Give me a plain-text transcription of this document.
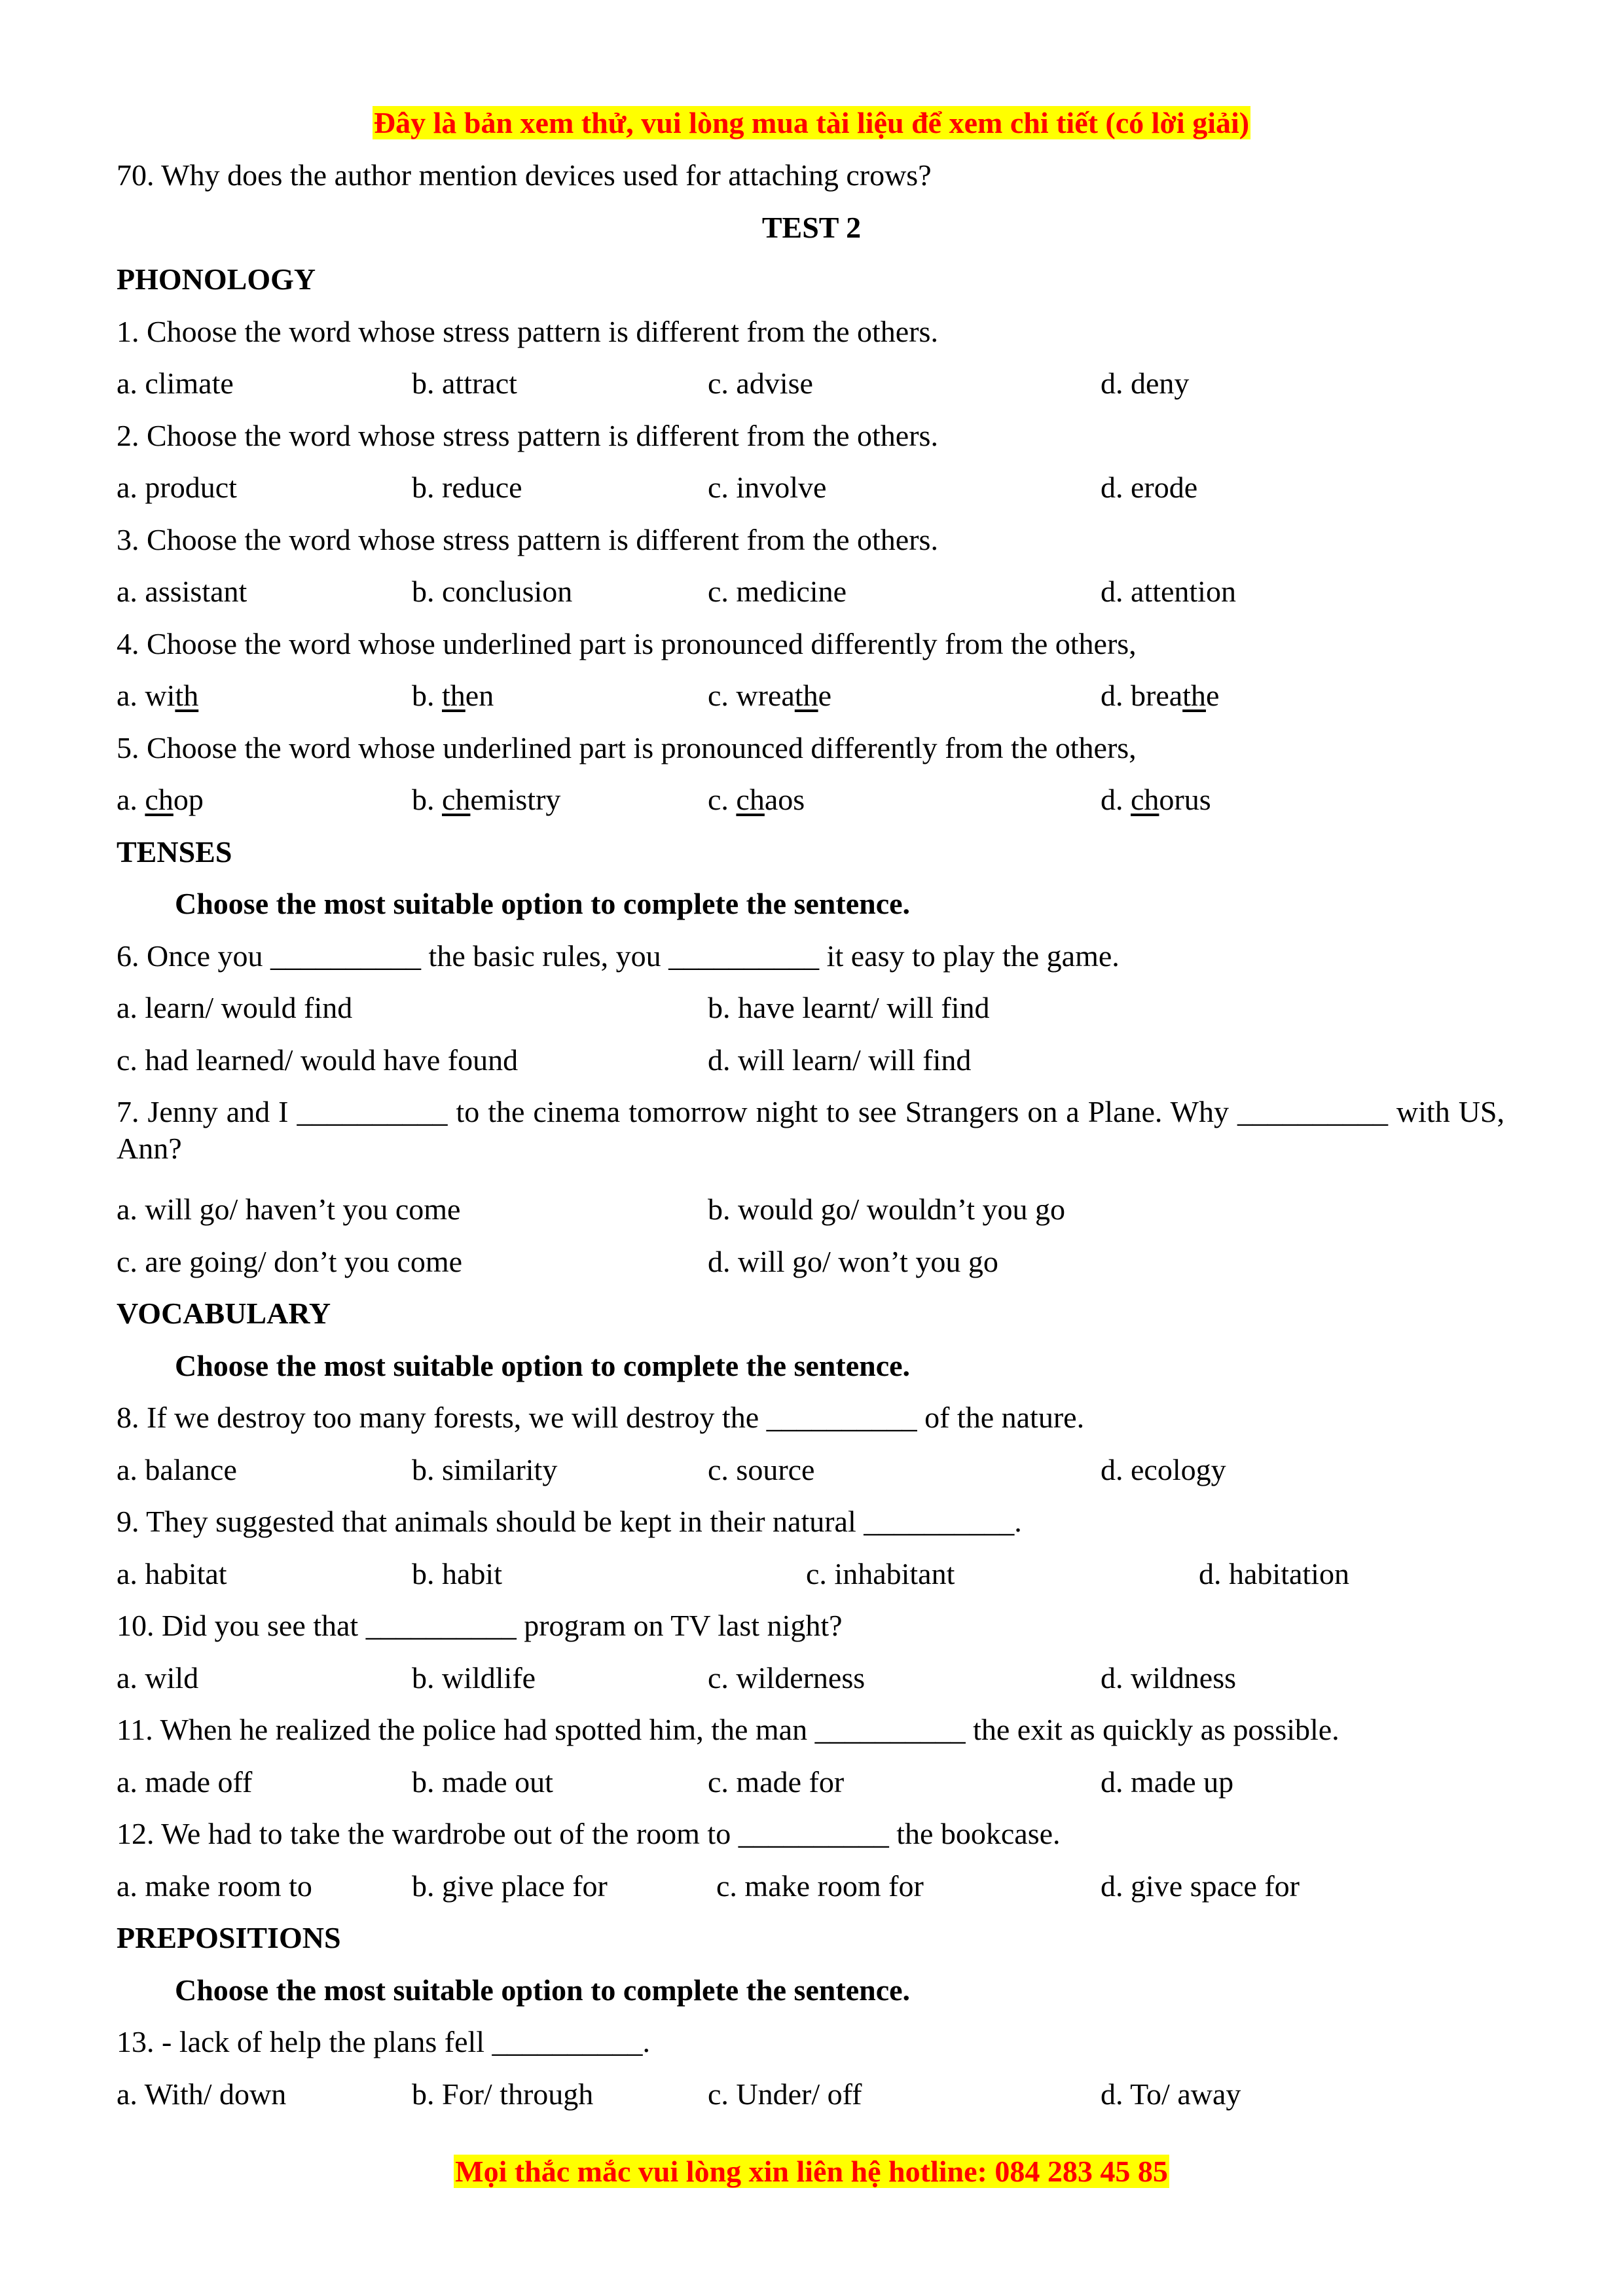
Đây là bản xem thử, vui lòng mua tài liệu để xem chi tiết (có lời giải)
70. Why does the author mention devices used for attaching crows?
TEST 2
PHONOLOGY
1. Choose the word whose stress pattern is different from the others.
a. climate	b. attract	c. advise	d. deny
2. Choose the word whose stress pattern is different from the others.
a. product	b. reduce	c. involve	d. erode
3. Choose the word whose stress pattern is different from the others.
a. assistant	b. conclusion	c. medicine	d. attention
4. Choose the word whose underlined part is pronounced differently from the others,
a. with	b. then	c. wreathe	d. breathe
5. Choose the word whose underlined part is pronounced differently from the others,
a. chop	b. chemistry	c. chaos	d. chorus
TENSES
Choose the most suitable option to complete the sentence.
6. Once you __________ the basic rules, you __________ it easy to play the game.
a. learn/ would find	b. have learnt/ will find
c. had learned/ would have found	d. will learn/ will find
7. Jenny and I __________ to the cinema tomorrow night to see Strangers on a Plane. Why __________ with US, Ann?
a. will go/ haven’t you come	b. would go/ wouldn’t you go
c. are going/ don’t you come	d. will go/ won’t you go
VOCABULARY
Choose the most suitable option to complete the sentence.
8. If we destroy too many forests, we will destroy the __________ of the nature.
a. balance	b. similarity	c. source	d. ecology
9. They suggested that animals should be kept in their natural __________.
a. habitat	b. habit	c. inhabitant	d. habitation
10. Did you see that __________ program on TV last night?
a. wild	b. wildlife	c. wilderness	d. wildness
11. When he realized the police had spotted him, the man __________ the exit as quickly as possible.
a. made off	b. made out	c. made for	d. made up
12. We had to take the wardrobe out of the room to __________ the bookcase.
a. make room to	b. give place for	c. make room for	d. give space for
PREPOSITIONS
Choose the most suitable option to complete the sentence.
13. - lack of help the plans fell __________.
a. With/ down	b. For/ through	c. Under/ off	d. To/ away
Mọi thắc mắc vui lòng xin liên hệ hotline: 084 283 45 85
